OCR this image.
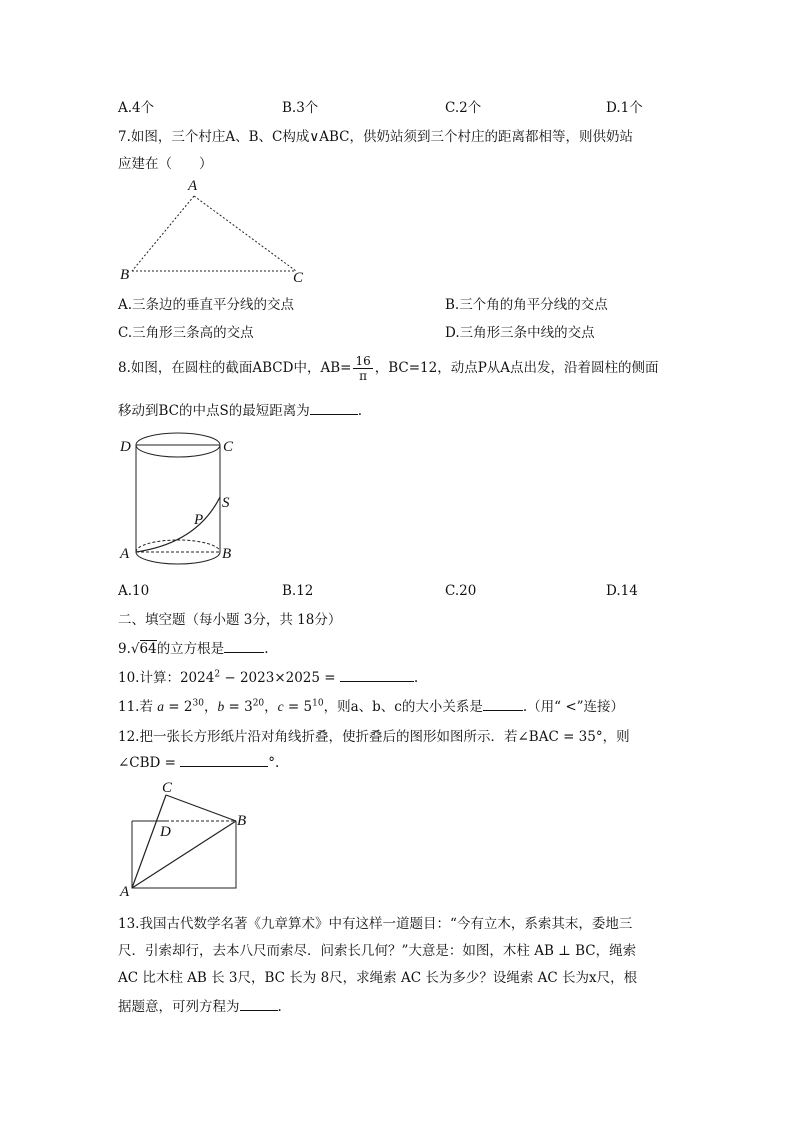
A.4个	B.3个	C.2个	D.1个
7.如图，三个村庄A、B、C构成∨ABC，供奶站须到三个村庄的距离都相等，则供奶站
应建在（　　）
A
B	C
A.三条边的垂直平分线的交点	B.三个角的角平分线的交点
C.三角形三条高的交点	D.三角形三条中线的交点
8.如图，在圆柱的截面ABCD中，$AB= \frac{16}{\pi}$ ，BC=12，动点P从A点出发，沿着圆柱的侧面
移动到BC的中点S的最短距离为	.
D	C
S
P
A	B
A.10	B.12	C.20	D.14
二、填空题（每小题 3分，共 18分）
9.√64的立方根是	.
10.计算：$2024^2 - 2023\times 2025$ =	.
11.若 $a = 2^{30}$，$b = 3^{20}$，$c = 5^{10}$，则a、b、c的大小关系是	.（用“ <”连接）
12.把一张长方形纸片沿对角线折叠，使折叠后的图形如图所示．若∠BAC = 35°，则
∠CBD =	°.
C
D
B
A
13.我国古代数学名著《九章算术》中有这样一道题目：“今有立木，系索其末，委地三
尺．引索却行，去本八尺而索尽．问索长几何？”大意是：如图，木柱 AB ⊥ BC，绳索
AC 比木柱 AB 长 3尺，BC 长为 8尺，求绳索 AC 长为多少？设绳索 AC 长为x尺，根
据题意，可列方程为	.
